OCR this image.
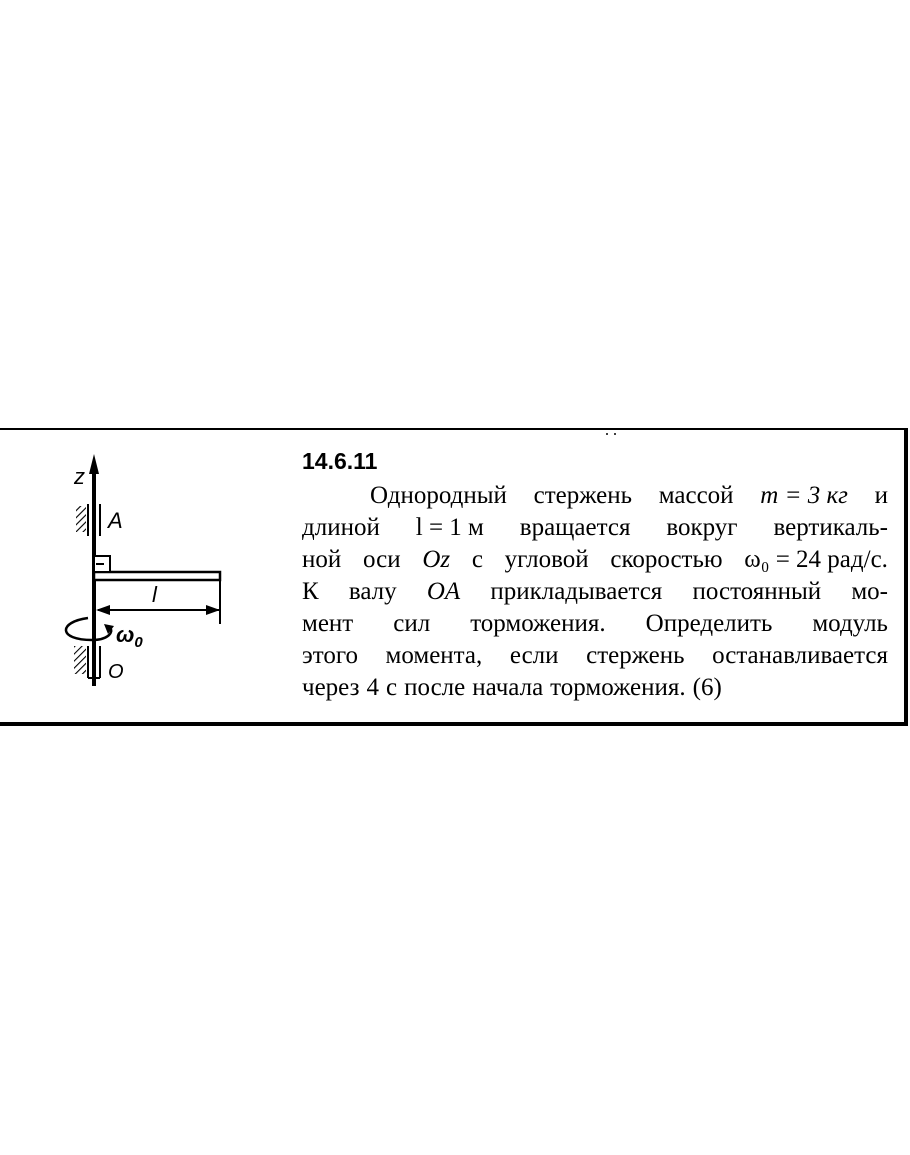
z
A
l
$\omega_0$
O
14.6.11
Однородный стержень массой m = 3 кг и
длиной l = 1 м вращается вокруг вертикаль-
ной оси Oz с угловой скоростью ω₀ = 24 рад/с.
К валу OA прикладывается постоянный мо-
мент сил торможения. Определить модуль
этого момента, если стержень останавливается
через 4 с после начала торможения. (6)
